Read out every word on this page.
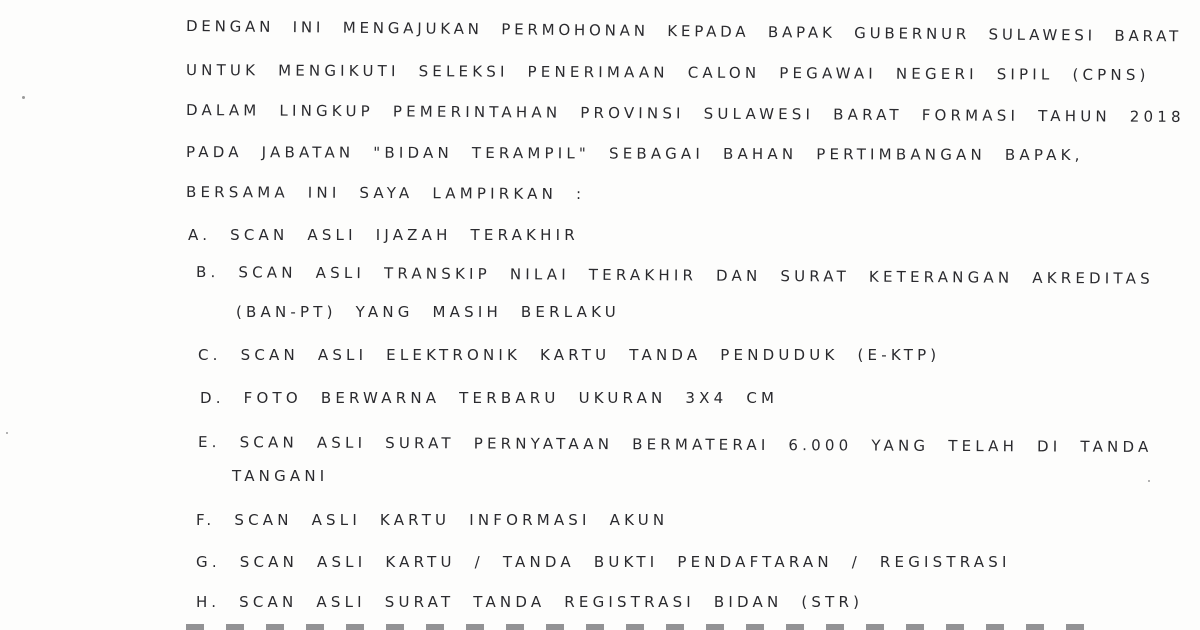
DENGAN INI MENGAJUKAN PERMOHONAN KEPADA BAPAK GUBERNUR SULAWESI BARAT
UNTUK MENGIKUTI SELEKSI PENERIMAAN CALON PEGAWAI NEGERI SIPIL (CPNS)
DALAM LINGKUP PEMERINTAHAN PROVINSI SULAWESI BARAT FORMASI TAHUN 2018
PADA JABATAN "BIDAN TERAMPIL" SEBAGAI BAHAN PERTIMBANGAN BAPAK,
BERSAMA INI SAYA LAMPIRKAN :
A. SCAN ASLI IJAZAH TERAKHIR
B. SCAN ASLI TRANSKIP NILAI TERAKHIR DAN SURAT KETERANGAN AKREDITAS
(BAN-PT) YANG MASIH BERLAKU
C. SCAN ASLI ELEKTRONIK KARTU TANDA PENDUDUK (E-KTP)
D. FOTO BERWARNA TERBARU UKURAN 3X4 CM
E. SCAN ASLI SURAT PERNYATAAN BERMATERAI 6.000 YANG TELAH DI TANDA
TANGANI
F. SCAN ASLI KARTU INFORMASI AKUN
G. SCAN ASLI KARTU / TANDA BUKTI PENDAFTARAN / REGISTRASI
H. SCAN ASLI SURAT TANDA REGISTRASI BIDAN (STR)
